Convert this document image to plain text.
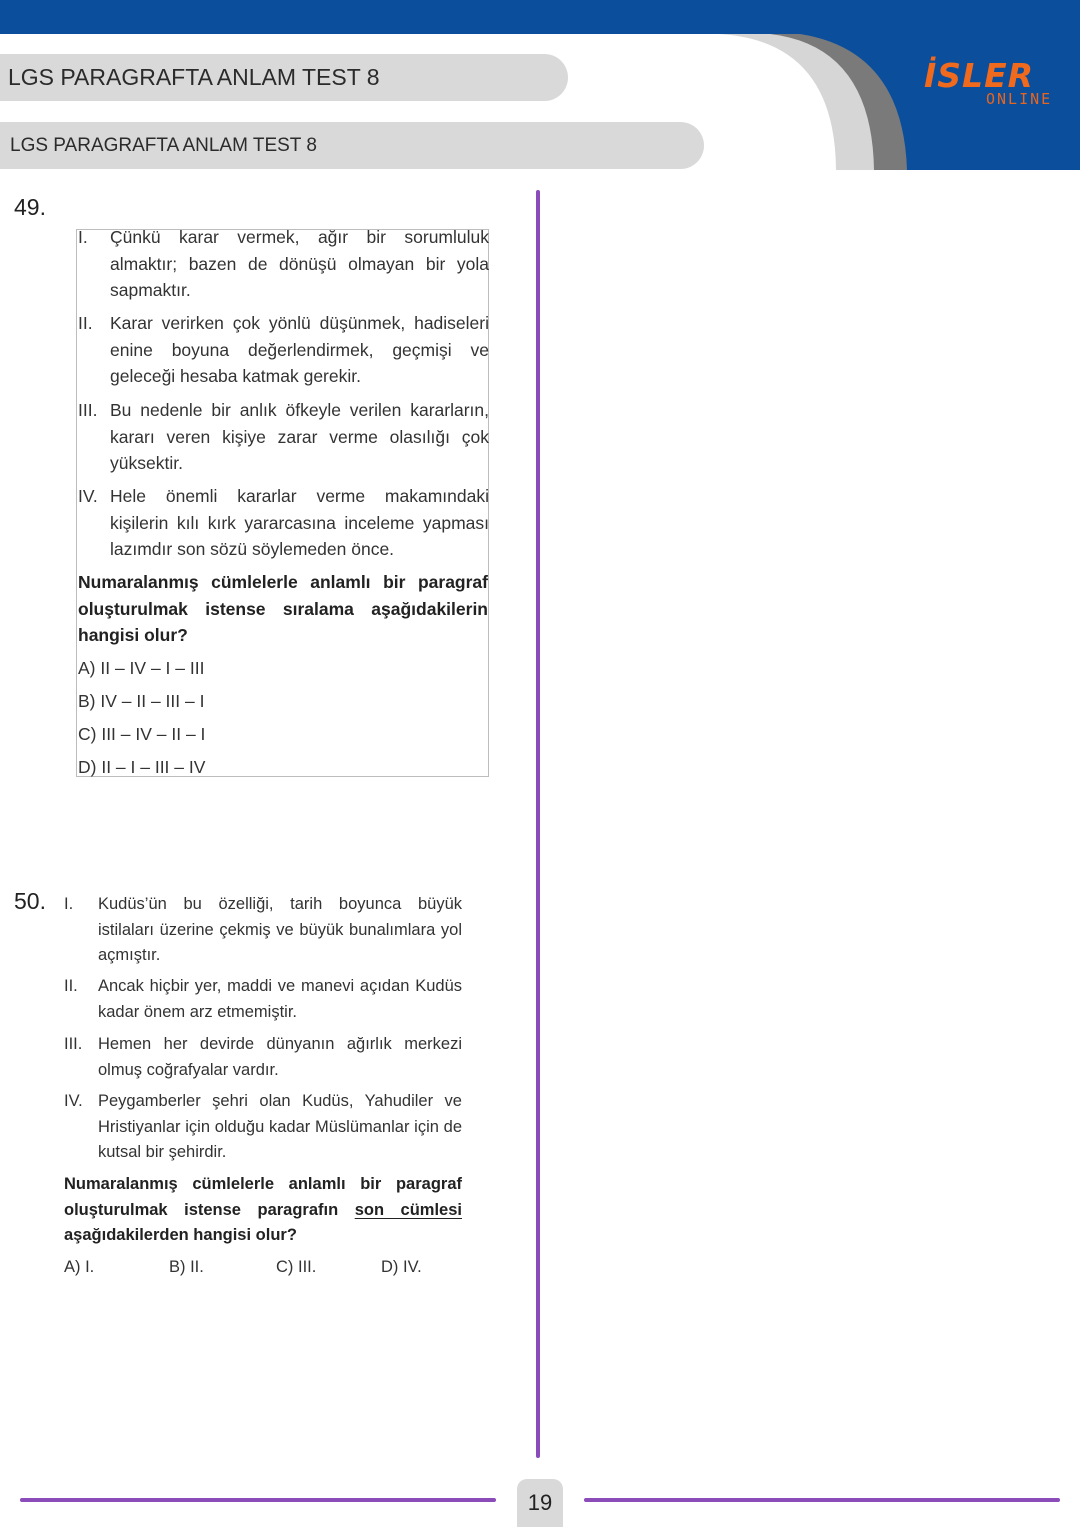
LGS PARAGRAFTA ANLAM TEST 8
LGS PARAGRAFTA ANLAM TEST 8
İSLER
ONLINE
49.
I. Çünkü karar vermek, ağır bir sorumluluk almaktır; bazen de dönüşü olmayan bir yola sapmaktır.
II. Karar verirken çok yönlü düşünmek, hadiseleri enine boyuna değerlendirmek, geçmişi ve geleceği hesaba katmak gerekir.
III. Bu nedenle bir anlık öfkeyle verilen kararların, kararı veren kişiye zarar verme olasılığı çok yüksektir.
IV. Hele önemli kararlar verme makamındaki kişilerin kılı kırk yararcasına inceleme yapması lazımdır son sözü söylemeden önce.
Numaralanmış cümlelerle anlamlı bir paragraf oluşturulmak istense sıralama aşağıdakilerin hangisi olur?
A) II – IV – I – III
B) IV – II – III – I
C) III – IV – II – I
D) II – I – III – IV
50. I. Kudüs’ün bu özelliği, tarih boyunca büyük istilaları üzerine çekmiş ve büyük bunalımlara yol açmıştır.
II. Ancak hiçbir yer, maddi ve manevi açıdan Kudüs kadar önem arz etmemiştir.
III. Hemen her devirde dünyanın ağırlık merkezi olmuş coğrafyalar vardır.
IV. Peygamberler şehri olan Kudüs, Yahudiler ve Hristiyanlar için olduğu kadar Müslümanlar için de kutsal bir şehirdir.
Numaralanmış cümlelerle anlamlı bir paragraf oluşturulmak istense paragrafın son cümlesi aşağıdakilerden hangisi olur?
A) I.	B) II.	C) III.	D) IV.
19
